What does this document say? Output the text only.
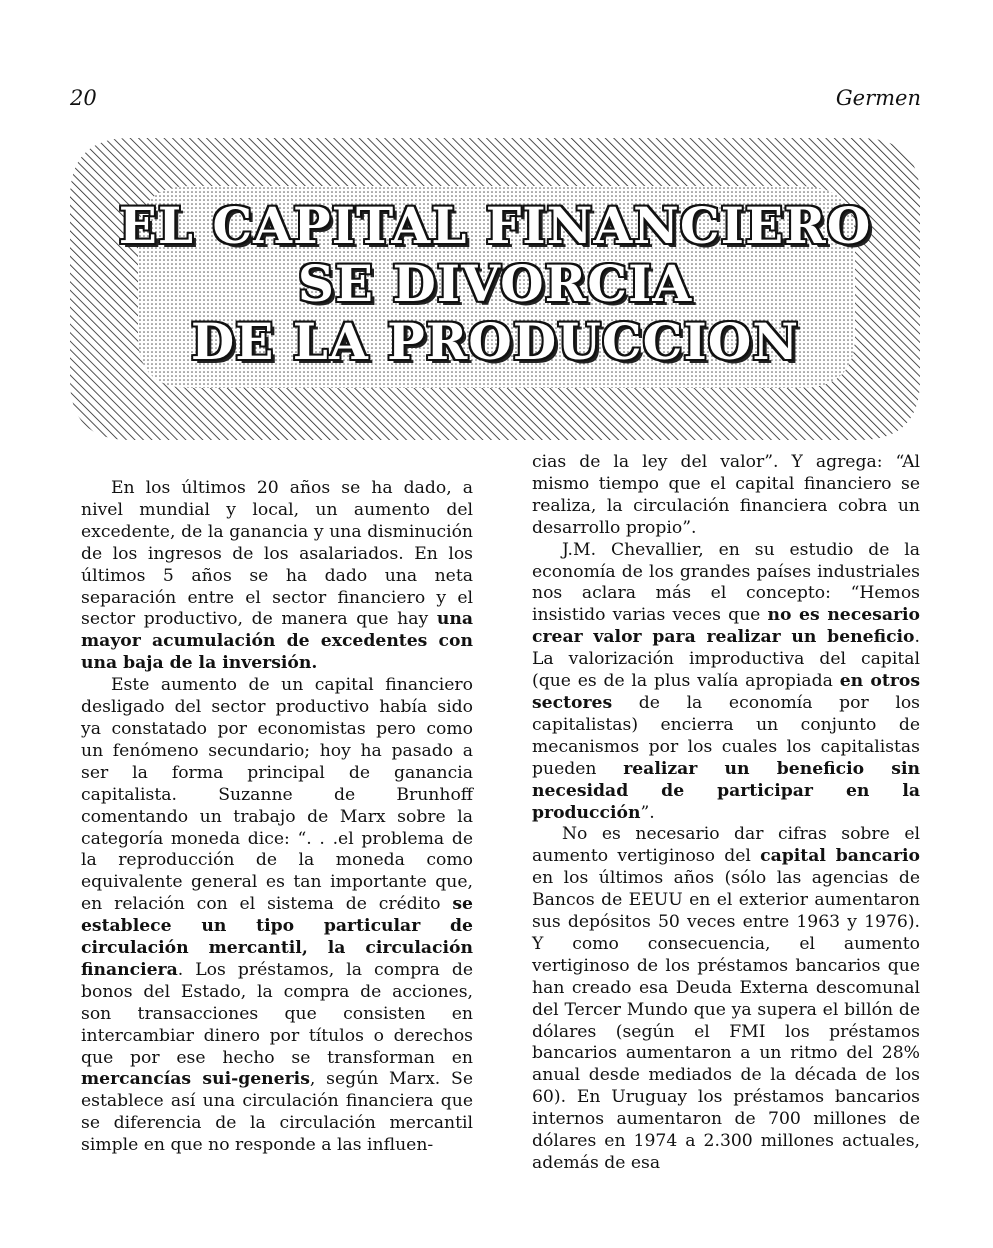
20	Germen
EL CAPITAL FINANCIERO
SE DIVORCIA
DE LA PRODUCCION

En los últimos 20 años se ha dado, a nivel mundial y local, un aumento del excedente, de la ganancia y una disminución de los ingresos de los asalariados. En los últimos 5 años se ha dado una neta separación entre el sector financiero y el sector productivo, de manera que hay una mayor acumulación de excedentes con una baja de la inversión.

Este aumento de un capital financiero desligado del sector productivo había sido ya constatado por economistas pero como un fenómeno secundario; hoy ha pasado a ser la forma principal de ganancia capitalista. Suzanne de Brunhoff comentando un trabajo de Marx sobre la categoría moneda dice: “. . .el problema de la reproducción de la moneda como equivalente general es tan importante que, en relación con el sistema de crédito se establece un tipo particular de circulación mercantil, la circulación financiera. Los préstamos, la compra de bonos del Estado, la compra de acciones, son transacciones que consisten en intercambiar dinero por títulos o derechos que por ese hecho se transforman en mercancías sui-generis, según Marx. Se establece así una circulación financiera que se diferencia de la circulación mercantil simple en que no responde a las influen-

cias de la ley del valor”. Y agrega: “Al mismo tiempo que el capital financiero se realiza, la circulación financiera cobra un desarrollo propio”.

J.M. Chevallier, en su estudio de la economía de los grandes países industriales nos aclara más el concepto: “Hemos insistido varias veces que no es necesario crear valor para realizar un beneficio. La valorización improductiva del capital (que es de la plus valía apropiada en otros sectores de la economía por los capitalistas) encierra un conjunto de mecanismos por los cuales los capitalistas pueden realizar un beneficio sin necesidad de participar en la producción”.

No es necesario dar cifras sobre el aumento vertiginoso del capital bancario en los últimos años (sólo las agencias de Bancos de EEUU en el exterior aumentaron sus depósitos 50 veces entre 1963 y 1976). Y como consecuencia, el aumento vertiginoso de los préstamos bancarios que han creado esa Deuda Externa descomunal del Tercer Mundo que ya supera el billón de dólares (según el FMI los préstamos bancarios aumentaron a un ritmo del 28% anual desde mediados de la década de los 60). En Uruguay los préstamos bancarios internos aumentaron de 700 millones de dólares en 1974 a 2.300 millones actuales, además de esa
